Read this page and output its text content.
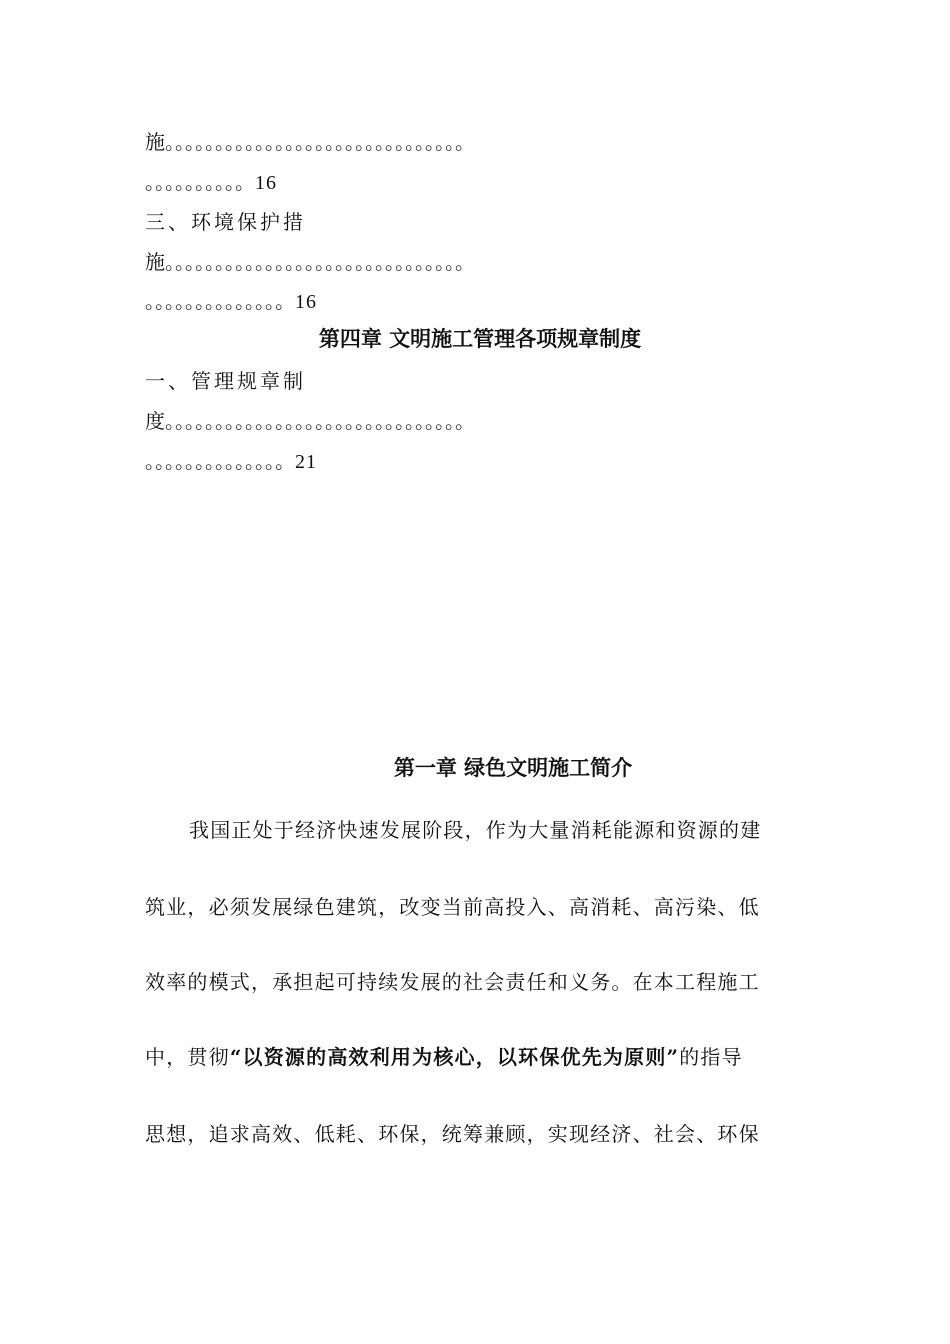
施。。。。。。。。。。。。。。。。。。。。。。。。。。。。。。
。。。。。。。。。。16
三、环境保护措
施。。。。。。。。。。。。。。。。。。。。。。。。。。。。。。
。。。。。。。。。。。。。。16
第四章 文明施工管理各项规章制度
一、管理规章制
度。。。。。。。。。。。。。。。。。。。。。。。。。。。。。。
。。。。。。。。。。。。。。21
第一章 绿色文明施工简介
我国正处于经济快速发展阶段，作为大量消耗能源和资源的建
筑业，必须发展绿色建筑，改变当前高投入、高消耗、高污染、低
效率的模式，承担起可持续发展的社会责任和义务。在本工程施工
中，贯彻“以资源的高效利用为核心，以环保优先为原则”的指导
思想，追求高效、低耗、环保，统筹兼顾，实现经济、社会、环保
